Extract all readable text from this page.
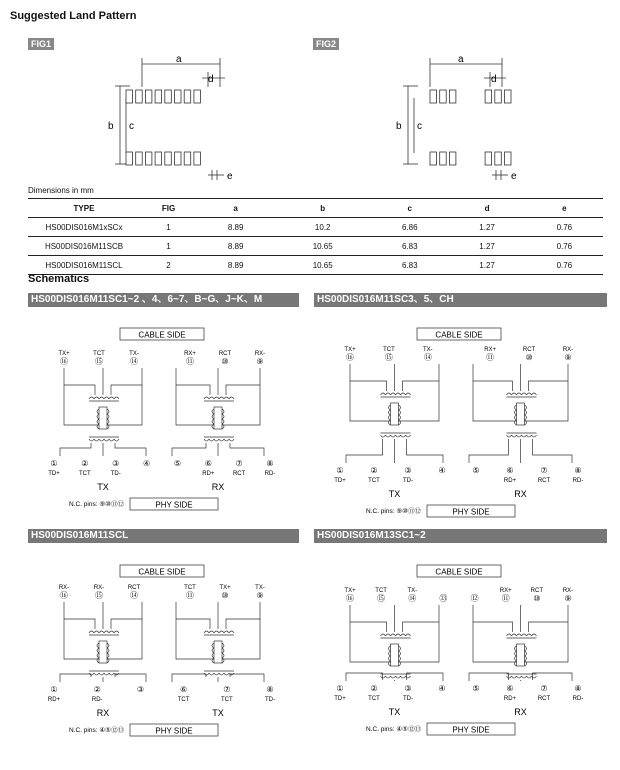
Suggested Land Pattern
FIG1	FIG2
a
d
b c
e
a
d
b c
e
Dimensions in mm
TYPE	FIG	a	b	c	d	e
HS00DIS016M1xSCx	1	8.89	10.2	6.86	1.27	0.76
HS00DIS016M11SCB	1	8.89	10.65	6.83	1.27	0.76
HS00DIS016M11SCL	2	8.89	10.65	6.83	1.27	0.76
Schematics
HS00DIS016M11SC1~2 、4、6~7、B~G、J~K、M	HS00DIS016M11SC3、5、CH
HS00DIS016M11SCL	HS00DIS016M13SC1~2
CABLE SIDE
TX+
⑯
TCT
⑮
TX-
⑭
RX+
⑪
RCT
⑩
RX-
⑨
①
TD+
②
TCT
③
TD-
④	⑤	⑥
RD+
⑦
RCT
⑧
RD-
TX	RX
N.C. pins: ⑨⑩⑪⑫	PHY SIDE
CABLE SIDE
TX+
⑯
TCT
⑮
TX-
⑭
RX+
⑪
RCT
⑩
RX-
⑨
①
TD+
②
TCT
③
TD-
④	⑤	⑥
RD+
⑦
RCT
⑧
RD-
TX	RX
N.C. pins: ⑨⑩⑪⑫	PHY SIDE
CABLE SIDE
RX-
⑯
RX-
⑮
RCT
⑭
TCT
⑪
TX+
⑩
TX-
⑨
①
RD+
②
RD-
③	⑥
TCT
⑦
TCT
⑧
TD-
RX	TX
N.C. pins: ④⑤⑫⑬	PHY SIDE
CABLE SIDE
TX+
⑯
TCT
⑮
TX-
⑭	⑬	⑫
RX+
⑪
RCT
⑩
RX-
⑨
①
TD+
②
TCT
③
TD-
④	⑤	⑥
RD+
⑦
RCT
⑧
RD-
TX	RX
N.C. pins: ④⑤⑫⑬	PHY SIDE
